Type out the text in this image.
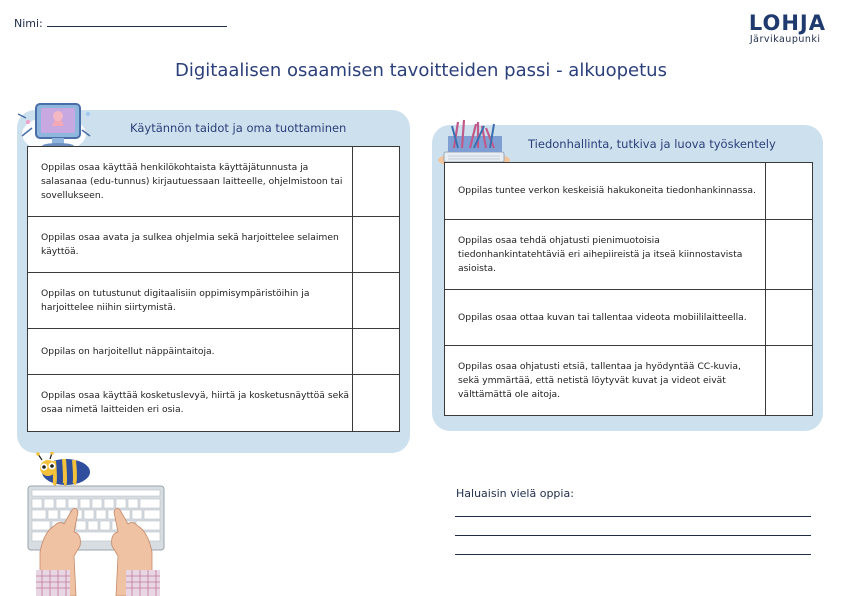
Nimi:	LOHJA
Järvikaupunki
Digitaalisen osaamisen tavoitteiden passi - alkuopetus
Käytännön taidot ja oma tuottaminen
Oppilas osaa käyttää henkilökohtaista käyttäjätunnusta ja salasanaa (edu-tunnus) kirjautuessaan laitteelle, ohjelmistoon tai sovellukseen.	
Oppilas osaa avata ja sulkea ohjelmia sekä harjoittelee selaimen käyttöä.	
Oppilas on tutustunut digitaalisiin oppimisympäristöihin ja harjoittelee niihin siirtymistä.	
Oppilas on harjoitellut näppäintaitoja.	
Oppilas osaa käyttää kosketuslevyä, hiirtä ja kosketusnäyttöä sekä osaa nimetä laitteiden eri osia.	
Tiedonhallinta, tutkiva ja luova työskentely
Oppilas tuntee verkon keskeisiä hakukoneita tiedonhankinnassa.	
Oppilas osaa tehdä ohjatusti pienimuotoisia tiedonhankintatehtäviä eri aihepiireistä ja itseä kiinnostavista asioista.	
Oppilas osaa ottaa kuvan tai tallentaa videota mobiililaitteella.	
Oppilas osaa ohjatusti etsiä, tallentaa ja hyödyntää CC-kuvia, sekä ymmärtää, että netistä löytyvät kuvat ja videot eivät välttämättä ole aitoja.	
Haluaisin vielä oppia:
